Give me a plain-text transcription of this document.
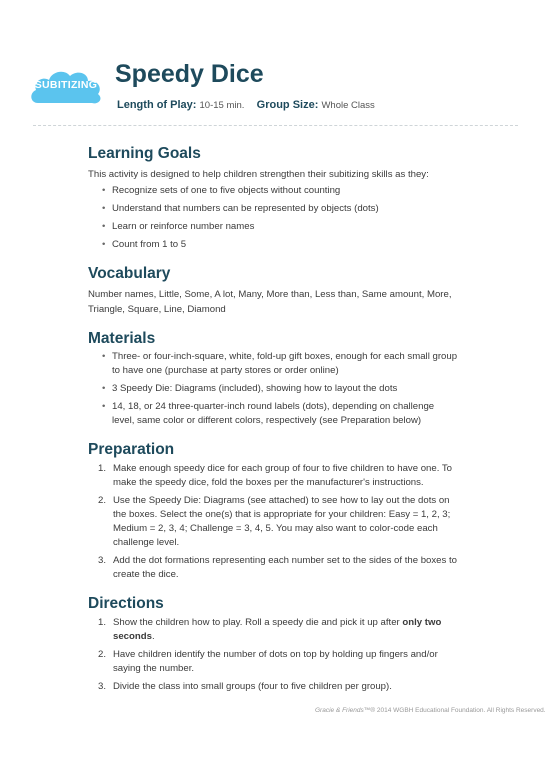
SUBITIZING Speedy Dice
Length of Play: 10-15 min. Group Size: Whole Class
Learning Goals

This activity is designed to help children strengthen their subitizing skills as they:

• Recognize sets of one to five objects without counting
• Understand that numbers can be represented by objects (dots)
• Learn or reinforce number names
• Count from 1 to 5
Vocabulary

Number names, Little, Some, A lot, Many, More than, Less than, Same amount, More, Triangle, Square, Line, Diamond

Materials
• Three- or four-inch-square, white, fold-up gift boxes, enough for each small group to have one (purchase at party stores or order online)
• 3 Speedy Die: Diagrams (included), showing how to layout the dots
• 14, 18, or 24 three-quarter-inch round labels (dots), depending on challenge level, same color or different colors, respectively (see Preparation below)
Preparation
1. Make enough speedy dice for each group of four to five children to have one. To make the speedy dice, fold the boxes per the manufacturer's instructions.
2. Use the Speedy Die: Diagrams (see attached) to see how to lay out the dots on the boxes. Select the one(s) that is appropriate for your children: Easy = 1, 2, 3; Medium = 2, 3, 4; Challenge = 3, 4, 5. You may also want to color-code each challenge level.
3. Add the dot formations representing each number set to the sides of the boxes to create the dice.
Directions
1. Show the children how to play. Roll a speedy die and pick it up after only two seconds.
2. Have children identify the number of dots on top by holding up fingers and/or saying the number.
3. Divide the class into small groups (four to five children per group).
Gracie & Friends™® 2014 WGBH Educational Foundation. All Rights Reserved.
